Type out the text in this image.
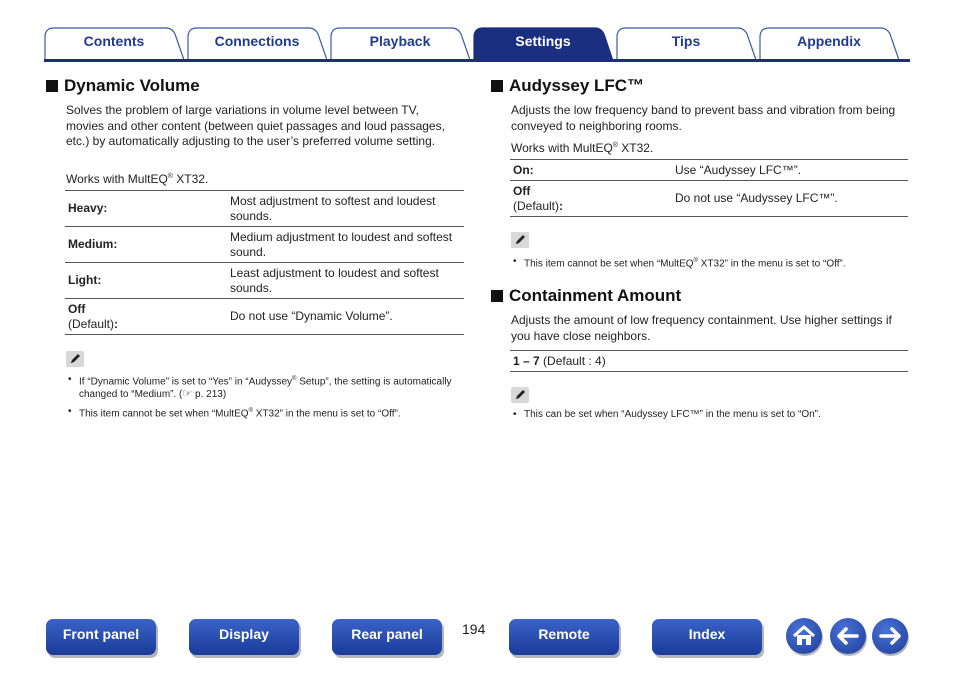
Contents	Connections	Playback	Settings	Tips	Appendix
Dynamic Volume
Solves the problem of large variations in volume level between TV, movies and other content (between quiet passages and loud passages, etc.) by automatically adjusting to the user’s preferred volume setting.
Works with MultEQ® XT32.
Heavy:	Most adjustment to softest and loudest sounds.
Medium:	Medium adjustment to loudest and softest sound.
Light:	Least adjustment to loudest and softest sounds.
Off
(Default):	Do not use “Dynamic Volume”.
• If “Dynamic Volume” is set to “Yes” in “Audyssey® Setup”, the setting is automatically changed to “Medium”. (☞ p. 213)
• This item cannot be set when “MultEQ® XT32” in the menu is set to “Off”.
Audyssey LFC™
Adjusts the low frequency band to prevent bass and vibration from being conveyed to neighboring rooms.
Works with MultEQ® XT32.
On:	Use “Audyssey LFC™”.
Off
(Default):	Do not use “Audyssey LFC™”.
• This item cannot be set when “MultEQ® XT32” in the menu is set to “Off”.
Containment Amount
Adjusts the amount of low frequency containment. Use higher settings if you have close neighbors.
1 – 7 (Default : 4)
• This can be set when “Audyssey LFC™” in the menu is set to “On”.
Front panel	Display	Rear panel	194	Remote	Index
